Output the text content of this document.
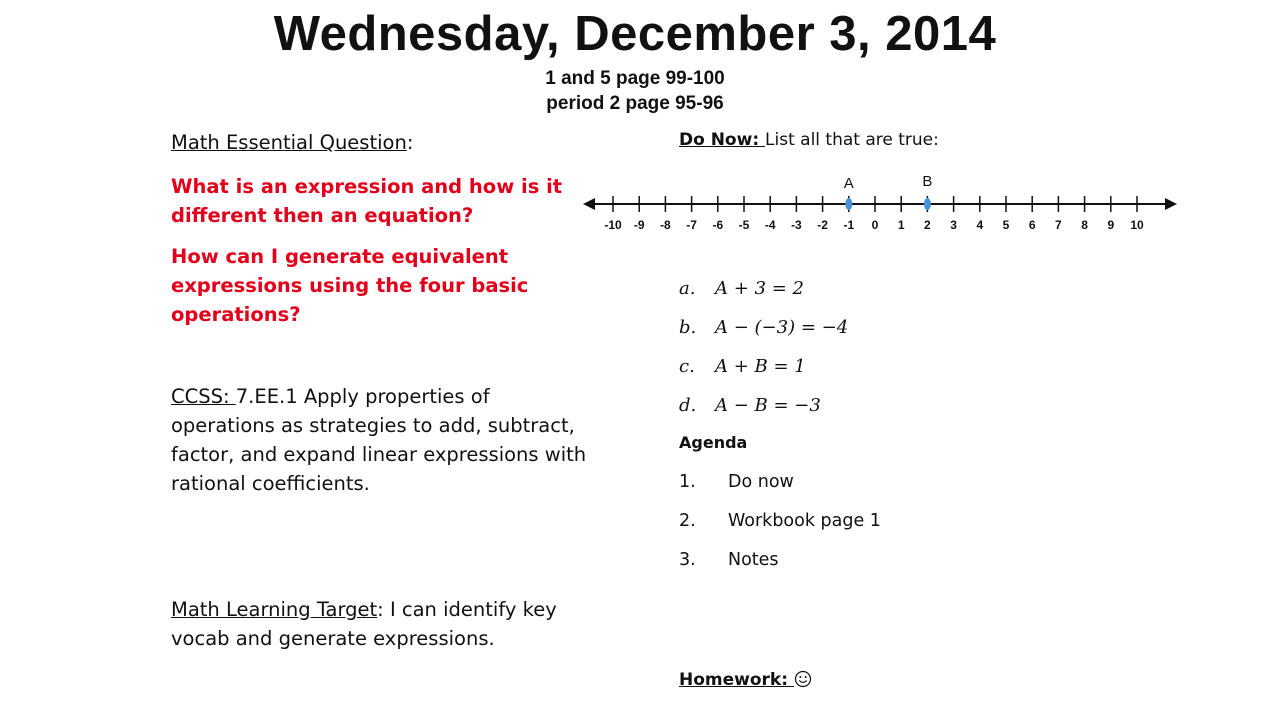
Wednesday, December 3, 2014

1 and 5 page 99-100

period 2 page 95-96

Math Essential Question:

What is an expression and how is it different then an equation?

How can I generate equivalent expressions using the four basic operations?

CCSS: 7.EE.1 Apply properties of operations as strategies to add, subtract, factor, and expand linear expressions with rational coefficients.

Math Learning Target: I can identify key vocab and generate expressions.

Do Now: List all that are true:
-10 -9 -8 -7 -6 -5 -4 -3 -2 -1 0 1 2 3 4 5 6 7 8 9 10
A	B
a. A + 3 = 2
b. A − (−3) = −4
c. A + B = 1
d. A − B = −3
Agenda
1. Do now
2. Workbook page 1
3. Notes
Homework:
